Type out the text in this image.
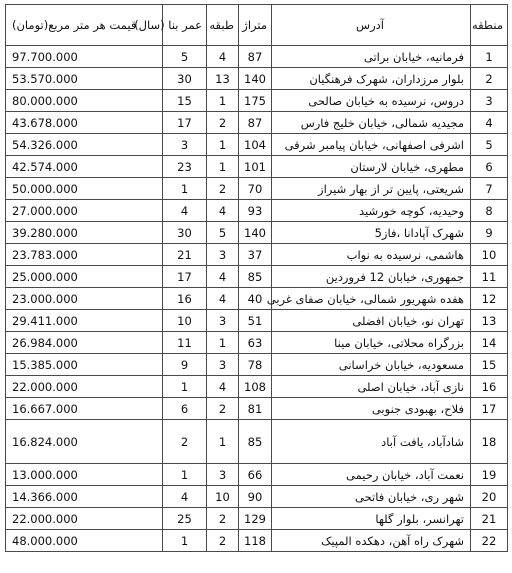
منطقه	آدرس	متراژ	طبقه	عمر بنا (سال)	قیمت هر متر مربع(تومان)
1	فرمانیه، خیابان براتی	87	4	5	97.700.000
2	بلوار مرزداران، شهرک فرهنگیان	140	13	30	53.570.000
3	دروس، نرسیده به خیابان صالحی	175	1	15	80.000.000
4	مجیدیه شمالی، خیابان خلیج فارس	87	2	17	43.678.000
5	اشرفی اصفهانی، خیابان پیامبر شرقی	104	1	3	54.326.000
6	مطهری، خیابان لارستان	101	1	23	42.574.000
7	شریعتی، پایین تر از بهار شیراز	70	2	1	50.000.000
8	وحیدیه، کوچه خورشید	93	4	4	27.000.000
9	شهرک آپادانا ،فاز5	140	5	30	39.280.000
10	هاشمی، نرسیده به نواب	37	3	21	23.783.000
11	جمهوری، خیابان 12 فروردین	85	4	17	25.000.000
12	هفده شهریور شمالی، خیابان صفای غربی	40	4	16	23.000.000
13	تهران نو، خیابان افضلی	51	3	10	29.411.000
14	بزرگراه محلاتی، خیابان مینا	63	1	11	26.984.000
15	مسعودیه، خیابان خراسانی	78	3	9	15.385.000
16	نازی آباد، خیابان اصلی	108	4	1	22.000.000
17	فلاح، بهبودی جنوبی	81	2	6	16.667.000
18	شادآباد، یافت آباد	85	1	2	16.824.000
19	نعمت آباد، خیابان رحیمی	66	3	1	13.000.000
20	شهر ری، خیابان فاتحی	90	10	4	14.366.000
21	تهرانسر، بلوار گلها	129	2	25	22.000.000
22	شهرک راه آهن، دهکده المپیک	118	2	1	48.000.000
